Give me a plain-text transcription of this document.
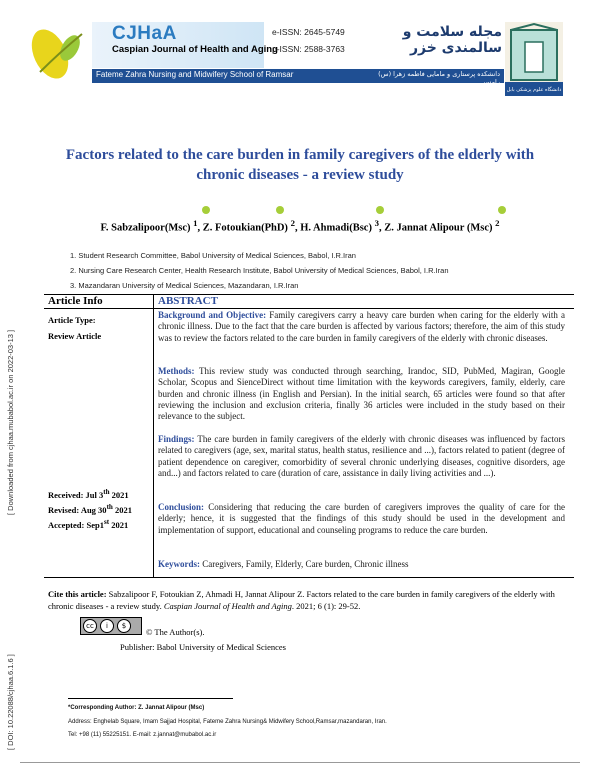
CJHaA
Caspian Journal of Health and Aging
e-ISSN: 2645-5749
p-ISSN: 2588-3763
مجله سلامت و سالمندی خزر
Fateme Zahra Nursing and Midwifery School of Ramsar	دانشکده پرستاری و مامایی فاطمه زهرا (س) رامسر
دانشگاه علوم پزشکی بابل
Factors related to the care burden in family caregivers of the elderly with
chronic diseases - a review study
F. Sabzalipoor(Msc) $^1$, Z. Fotoukian(PhD) $^2$, H. Ahmadi(Bsc) $^3$, Z. Jannat Alipour (Msc) $^2$
1. Student Research Committee, Babol University of Medical Sciences, Babol, I.R.Iran
2. Nursing Care Research Center, Health Research Institute, Babol University of Medical Sciences, Babol, I.R.Iran
3. Mazandaran University of Medical Sciences, Mazandaran, I.R.Iran
Article Info	ABSTRACT
Article Type:
Review Article
Received: Jul 3th 2021
Revised: Aug 30th 2021
Accepted: Sep1st 2021
Background and Objective: Family caregivers carry a heavy care burden when caring for the elderly with a chronic illness. Due to the fact that the care burden is affected by various factors; therefore, the aim of this study was to review the factors related to the care burden in family caregivers of the elderly with chronic diseases.
Methods: This review study was conducted through searching, Irandoc, SID, PubMed, Magiran, Google Scholar, Scopus and SienceDirect without time limitation with the keywords caregivers, family, elderly, care burden and chronic illness (in English and Persian). In the initial search, 65 articles were found so that after reviewing the inclusion and exclusion criteria, finally 36 articles were included in the study based on their relevance to the subject.
Findings: The care burden in family caregivers of the elderly with chronic diseases was influenced by factors related to caregivers (age, sex, marital status, health status, resilience and ...), factors related to patient (degree of patient dependence on caregiver, comorbidity of several chronic underlying diseases, cognitive disorders, age and...) and factors related to care (duration of care, assistance in daily living activities and ...).
Conclusion: Considering that reducing the care burden of caregivers improves the quality of care for the elderly; hence, it is suggested that the findings of this study should be used in the development and implementation of support, educational and counseling programs to reduce the care burden.
Keywords: Caregivers, Family, Elderly, Care burden, Chronic illness
[ Downloaded from cjhaa.mubabol.ac.ir on 2022-03-13 ]
[ DOI: 10.22088/cjhaa.6.1.6 ]
Cite this article: Sabzalipoor F, Fotoukian Z, Ahmadi H, Jannat Alipour Z. Factors related to the care burden in family caregivers of the elderly with chronic diseases - a review study. Caspian Journal of Health and Aging. 2021; 6 (1): 29-52.
cc	i	$
© The Author(s).
Publisher: Babol University of Medical Sciences
*Corresponding Author: Z. Jannat Alipour (Msc)
Address: Enghelab Square, Imam Sajjad Hospital, Fateme Zahra Nursing& Midwifery School,Ramsar,mazandaran, Iran.
Tel: +98 (11) 55225151. E-mail: z.jannat@mubabol.ac.ir
